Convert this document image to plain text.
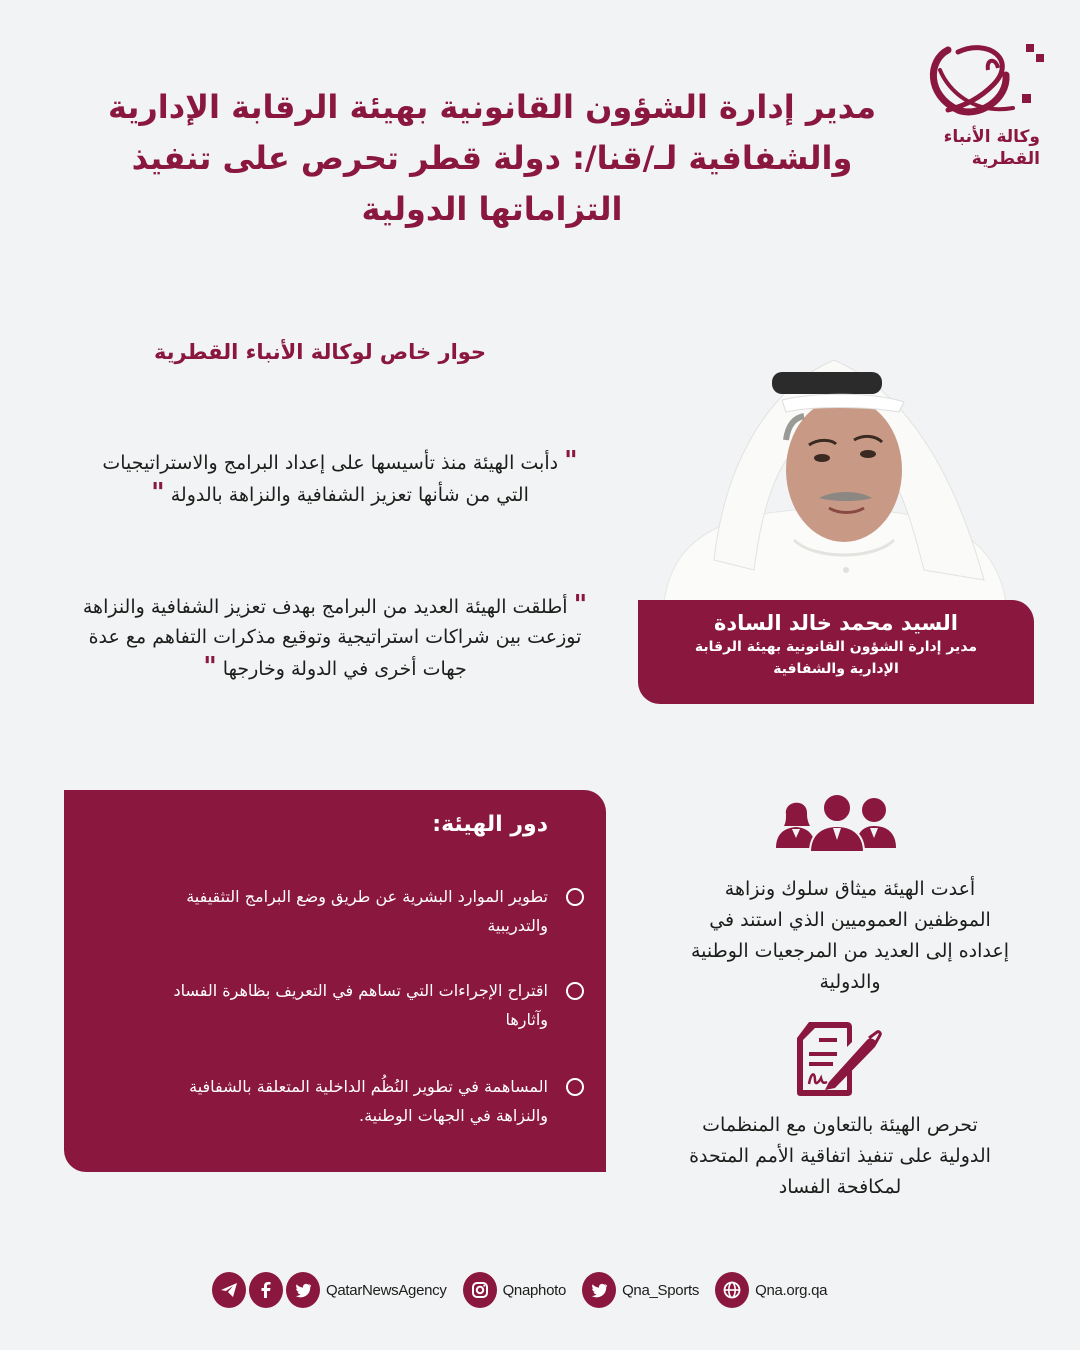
وكالة الأنباء
القطرية
مدير إدارة الشؤون القانونية بهيئة الرقابة الإدارية
والشفافية لـ/قنا/: دولة قطر تحرص على تنفيذ
التزاماتها الدولية
حوار خاص لوكالة الأنباء القطرية
" دأبت الهيئة منذ تأسيسها على إعداد البرامج والاستراتيجيات
التي من شأنها تعزيز الشفافية والنزاهة بالدولة "
" أطلقت الهيئة العديد من البرامج بهدف تعزيز الشفافية والنزاهة
توزعت بين شراكات استراتيجية وتوقيع مذكرات التفاهم مع عدة
جهات أخرى في الدولة وخارجها "
السيد محمد خالد السادة
مدير إدارة الشؤون القانونية بهيئة الرقابة
الإدارية والشفافية
دور الهيئة:
تطوير الموارد البشرية عن طريق وضع البرامج التثقيفية
والتدريبية
اقتراح الإجراءات التي تساهم في التعريف بظاهرة الفساد
وآثارها
المساهمة في تطوير النُظُم الداخلية المتعلقة بالشفافية
والنزاهة في الجهات الوطنية.
أعدت الهيئة ميثاق سلوك ونزاهة
الموظفين العموميين الذي استند في
إعداده إلى العديد من المرجعيات الوطنية
والدولية
تحرص الهيئة بالتعاون مع المنظمات
الدولية على تنفيذ اتفاقية الأمم المتحدة
لمكافحة الفساد
QatarNewsAgency	Qnaphoto	Qna_Sports	Qna.org.qa
